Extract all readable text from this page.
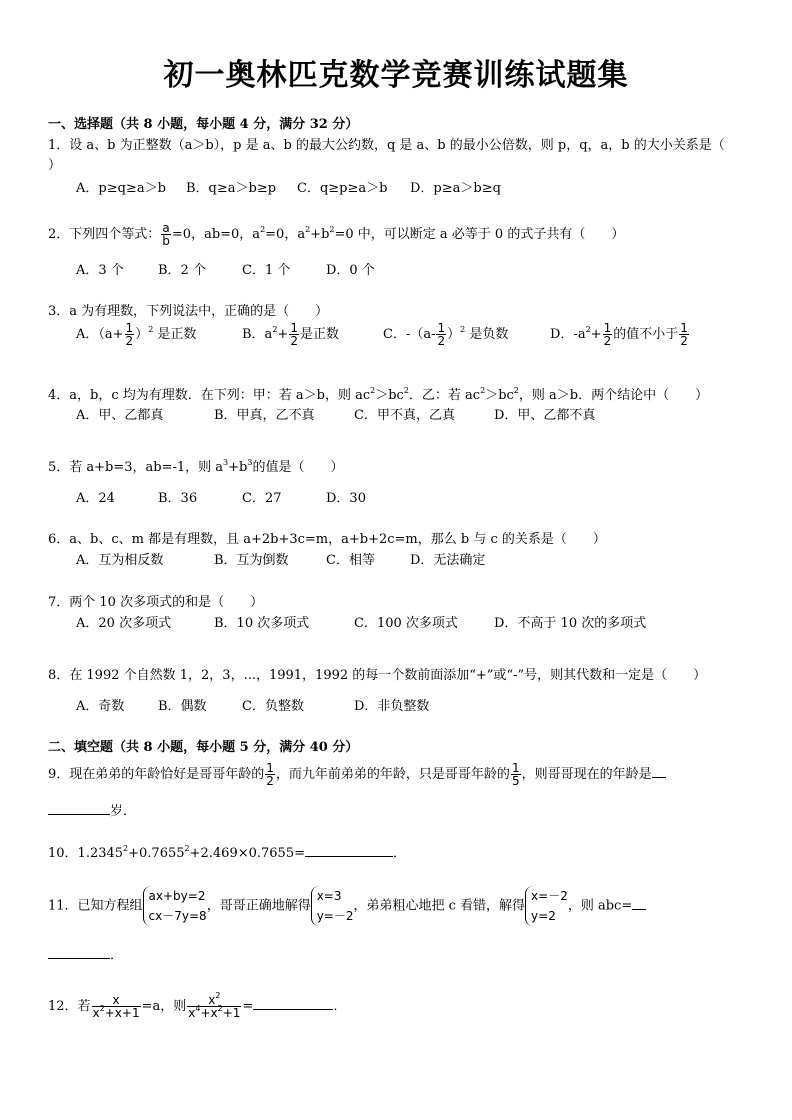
初一奥林匹克数学竞赛训练试题集
一、选择题（共 8 小题，每小题 4 分，满分 32 分）
1．设 a、b 为正整数（a＞b），p 是 a、b 的最大公约数，q 是 a、b 的最小公倍数，则 p，q，a，b 的大小关系是（
）
A．p≥q≥a＞b B．q≥a＞b≥p C．q≥p≥a＞b D．p≥a＞b≥q
2．下列四个等式： $\frac{a}{b} =0$，ab=0，$a^2=0$，$a^2+b^2=0$ 中，可以断定 a 必等于 0 的式子共有（　　）
A．3 个	B．2 个	C．1 个	D．0 个
3．a 为有理数，下列说法中，正确的是（　　）
A．$(a+ \frac{1}{2} )^2$ 是正数	B．$a^2+ \frac{1}{2}$ 是正数	C．$-(a- \frac{1}{2} )^2$ 是负数	D．$-a^2+ \frac{1}{2}$ 的值不小于 $\frac{1}{2}$
4．a，b，c 均为有理数．在下列：甲：若 a＞b，则 $ac^2>bc^2$．乙：若 $ac^2>bc^2$，则 a＞b．两个结论中（　　）
A．甲、乙都真	B．甲真，乙不真	C．甲不真，乙真	D．甲、乙都不真
5．若 a+b=3，ab=-1，则 $a^3+b^3$的值是（　　）
A．24	B．36	C．27	D．30
6．a、b、c、m 都是有理数，且 a+2b+3c=m，a+b+2c=m，那么 b 与 c 的关系是（　　）
A．互为相反数	B．互为倒数	C．相等	D．无法确定
7．两个 10 次多项式的和是（　　）
A．20 次多项式	B．10 次多项式	C．100 次多项式	D．不高于 10 次的多项式
8．在 1992 个自然数 1，2，3，...，1991，1992 的每一个数前面添加“+”或“-”号，则其代数和一定是（　　）
A．奇数	B．偶数	C．负整数	D．非负整数
二、填空题（共 8 小题，每小题 5 分，满分 40 分）
9．现在弟弟的年龄恰好是哥哥年龄的 $\frac{1}{2}$ ，而九年前弟弟的年龄，只是哥哥年龄的 $\frac{1}{5}$ ，则哥哥现在的年龄是
岁．
10．$1.2345^2+0.7655^2+2.469\times 0.7655=$	．
11．已知方程组
ax+by=2
cx－7y=8
，哥哥正确地解得
x=3
y=－2
，弟弟粗心地把 c 看错，解得
x=－2
y=2
，则 abc=
．
12．若 $\frac{x}{x^2+x+1} =a$，则 $\frac{x^2}{x^4+x^2+1}$ =	．
